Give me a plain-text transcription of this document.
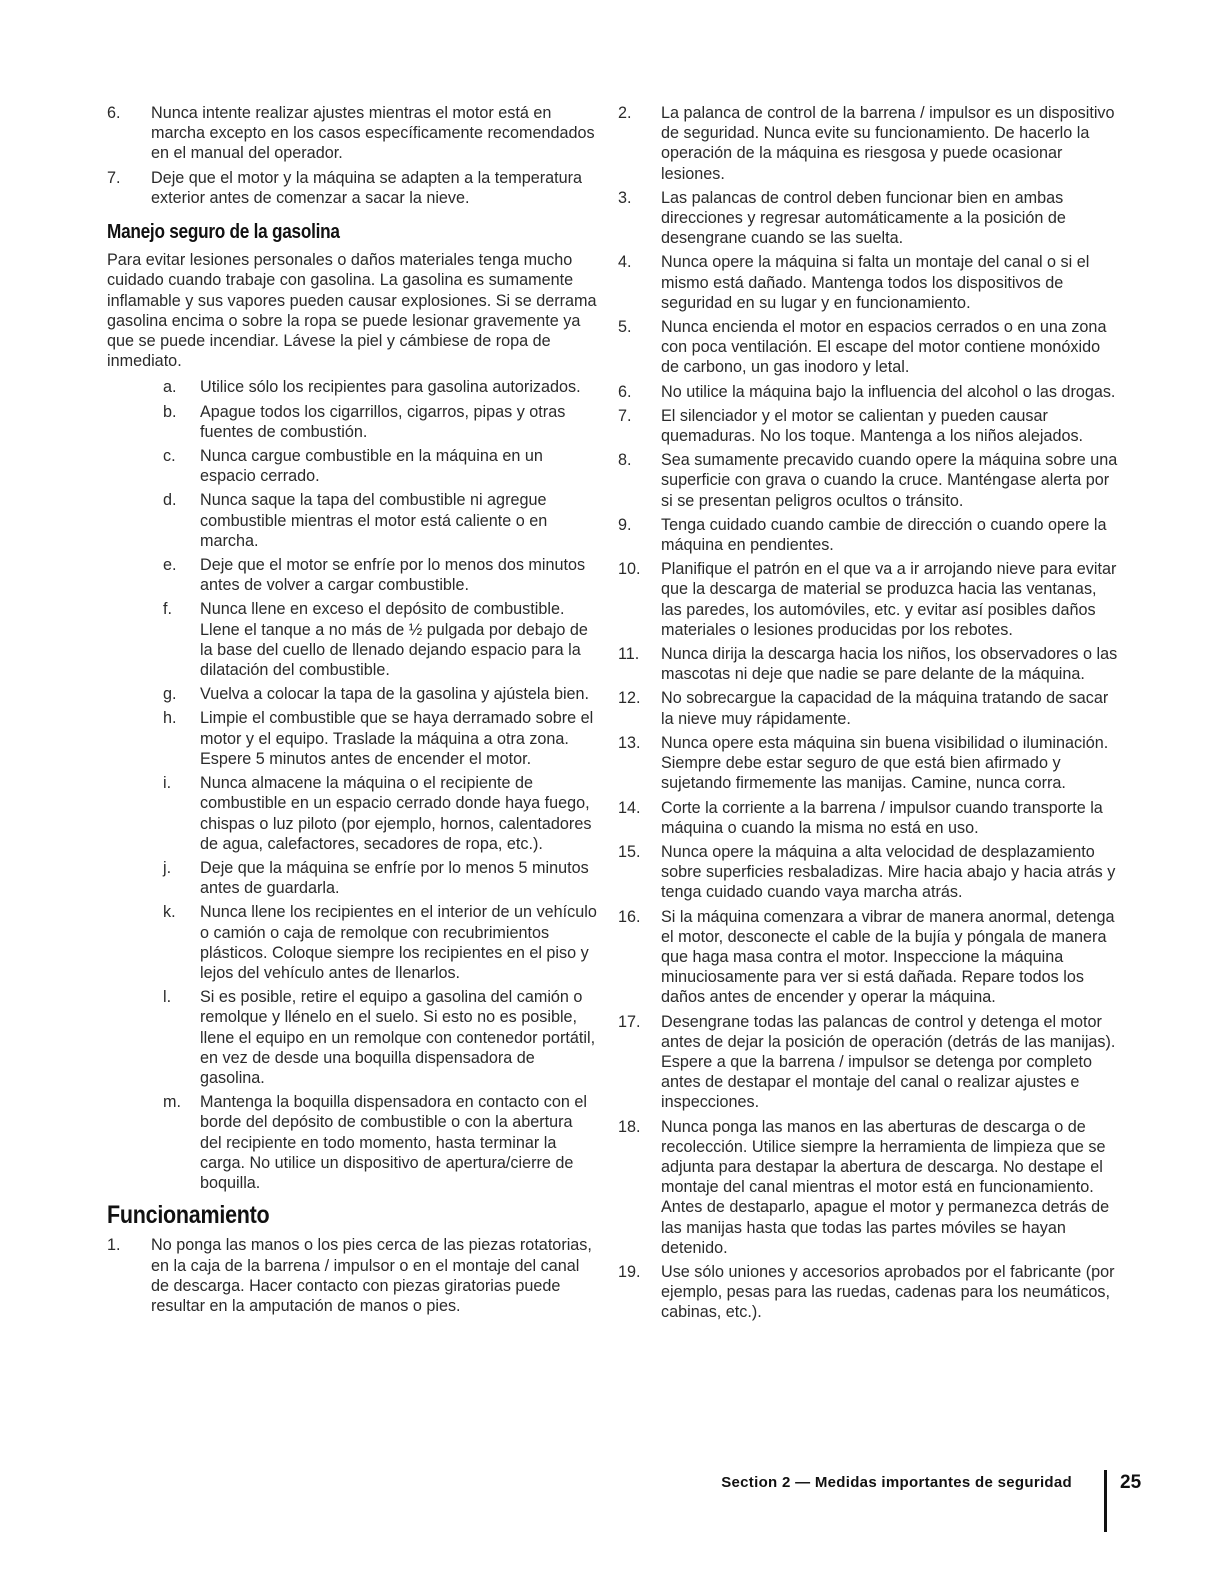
6.	Nunca intente realizar ajustes mientras el motor está en marcha excepto en los casos específicamente recomendados en el manual del operador.
7.	Deje que el motor y la máquina se adapten a la temperatura exterior antes de comenzar a sacar la nieve.
Manejo seguro de la gasolina

Para evitar lesiones personales o daños materiales tenga mucho cuidado cuando trabaje con gasolina. La gasolina es sumamente inflamable y sus vapores pueden causar explosiones. Si se derrama gasolina encima o sobre la ropa se puede lesionar gravemente ya que se puede incendiar. Lávese la piel y cámbiese de ropa de inmediato.

a.	Utilice sólo los recipientes para gasolina autorizados.
b.	Apague todos los cigarrillos, cigarros, pipas y otras fuentes de combustión.
c.	Nunca cargue combustible en la máquina en un espacio cerrado.
d.	Nunca saque la tapa del combustible ni agregue combustible mientras el motor está caliente o en marcha.
e.	Deje que el motor se enfríe por lo menos dos minutos antes de volver a cargar combustible.
f.	Nunca llene en exceso el depósito de combustible. Llene el tanque a no más de ½ pulgada por debajo de la base del cuello de llenado dejando espacio para la dilatación del combustible.
g.	Vuelva a colocar la tapa de la gasolina y ajústela bien.
h.	Limpie el combustible que se haya derramado sobre el motor y el equipo. Traslade la máquina a otra zona. Espere 5 minutos antes de encender el motor.
i.	Nunca almacene la máquina o el recipiente de combustible en un espacio cerrado donde haya fuego, chispas o luz piloto (por ejemplo, hornos, calentadores de agua, calefactores, secadores de ropa, etc.).
j.	Deje que la máquina se enfríe por lo menos 5 minutos antes de guardarla.
k.	Nunca llene los recipientes en el interior de un vehículo o camión o caja de remolque con recubrimientos plásticos. Coloque siempre los recipientes en el piso y lejos del vehículo antes de llenarlos.
l.	Si es posible, retire el equipo a gasolina del camión o remolque y llénelo en el suelo. Si esto no es posible, llene el equipo en un remolque con contenedor portátil, en vez de desde una boquilla dispensadora de gasolina.
m.	Mantenga la boquilla dispensadora en contacto con el borde del depósito de combustible o con la abertura del recipiente en todo momento, hasta terminar la carga. No utilice un dispositivo de apertura/cierre de boquilla.
Funcionamiento
1.	No ponga las manos o los pies cerca de las piezas rotatorias, en la caja de la barrena / impulsor o en el montaje del canal de descarga. Hacer contacto con piezas giratorias puede resultar en la amputación de manos o pies.
2.	La palanca de control de la barrena / impulsor es un dispositivo de seguridad. Nunca evite su funcionamiento. De hacerlo la operación de la máquina es riesgosa y puede ocasionar lesiones.
3.	Las palancas de control deben funcionar bien en ambas direcciones y regresar automáticamente a la posición de desengrane cuando se las suelta.
4.	Nunca opere la máquina si falta un montaje del canal o si el mismo está dañado. Mantenga todos los dispositivos de seguridad en su lugar y en funcionamiento.
5.	Nunca encienda el motor en espacios cerrados o en una zona con poca ventilación. El escape del motor contiene monóxido de carbono, un gas inodoro y letal.
6.	No utilice la máquina bajo la influencia del alcohol o las drogas.
7.	El silenciador y el motor se calientan y pueden causar quemaduras. No los toque. Mantenga a los niños alejados.
8.	Sea sumamente precavido cuando opere la máquina sobre una superficie con grava o cuando la cruce. Manténgase alerta por si se presentan peligros ocultos o tránsito.
9.	Tenga cuidado cuando cambie de dirección o cuando opere la máquina en pendientes.
10.	Planifique el patrón en el que va a ir arrojando nieve para evitar que la descarga de material se produzca hacia las ventanas, las paredes, los automóviles, etc. y evitar así posibles daños materiales o lesiones producidas por los rebotes.
11.	Nunca dirija la descarga hacia los niños, los observadores o las mascotas ni deje que nadie se pare delante de la máquina.
12.	No sobrecargue la capacidad de la máquina tratando de sacar la nieve muy rápidamente.
13.	Nunca opere esta máquina sin buena visibilidad o iluminación. Siempre debe estar seguro de que está bien afirmado y sujetando firmemente las manijas. Camine, nunca corra.
14.	Corte la corriente a la barrena / impulsor cuando transporte la máquina o cuando la misma no está en uso.
15.	Nunca opere la máquina a alta velocidad de desplazamiento sobre superficies resbaladizas. Mire hacia abajo y hacia atrás y tenga cuidado cuando vaya marcha atrás.
16.	Si la máquina comenzara a vibrar de manera anormal, detenga el motor, desconecte el cable de la bujía y póngala de manera que haga masa contra el motor. Inspeccione la máquina minuciosamente para ver si está dañada. Repare todos los daños antes de encender y operar la máquina.
17.	Desengrane todas las palancas de control y detenga el motor antes de dejar la posición de operación (detrás de las manijas). Espere a que la barrena / impulsor se detenga por completo antes de destapar el montaje del canal o realizar ajustes e inspecciones.
18.	Nunca ponga las manos en las aberturas de descarga o de recolección. Utilice siempre la herramienta de limpieza que se adjunta para destapar la abertura de descarga. No destape el montaje del canal mientras el motor está en funcionamiento. Antes de destaparlo, apague el motor y permanezca detrás de las manijas hasta que todas las partes móviles se hayan detenido.
19.	Use sólo uniones y accesorios aprobados por el fabricante (por ejemplo, pesas para las ruedas, cadenas para los neumáticos, cabinas, etc.).
Section 2 — Medidas importantes de seguridad	25
